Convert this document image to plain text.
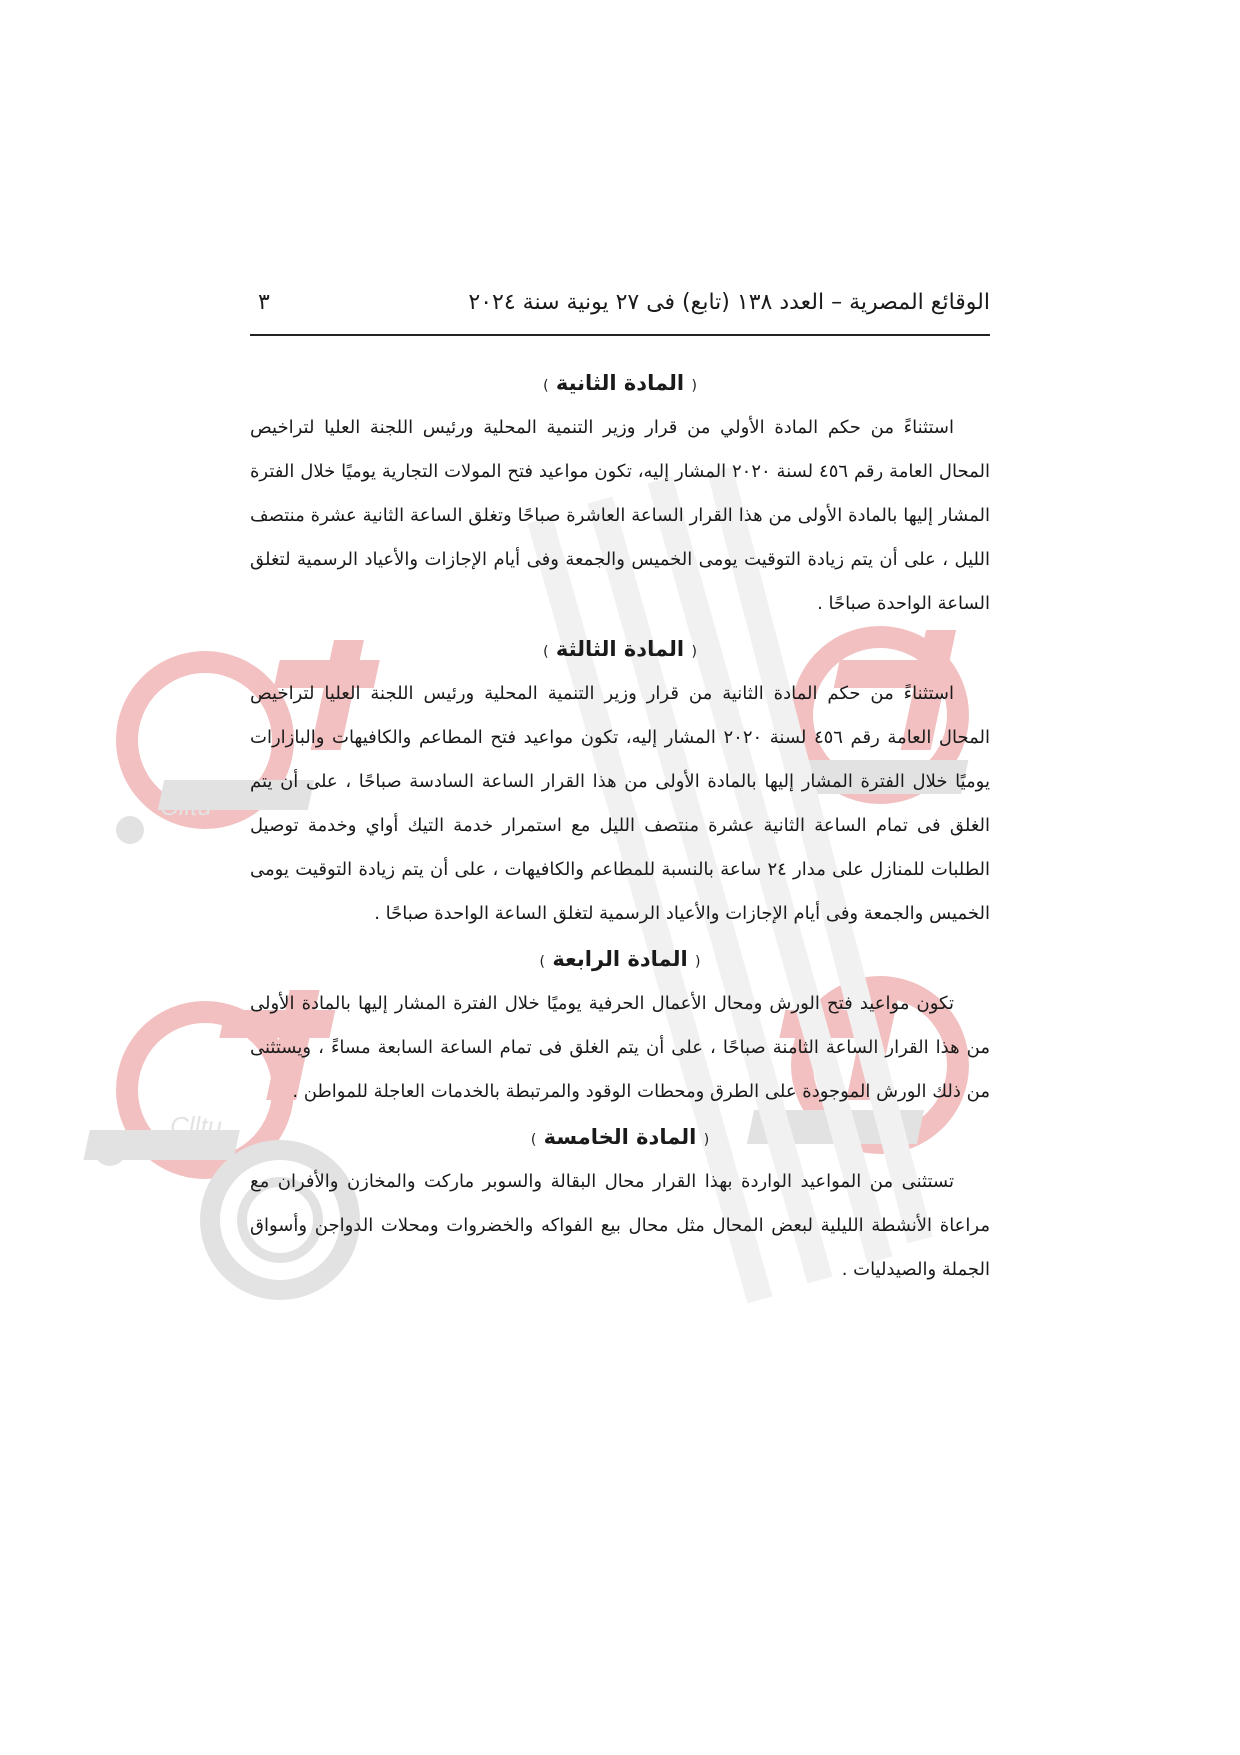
Clltu
Clltu
الوقائع المصرية – العدد ١٣٨ (تابع) فى ٢٧ يونية سنة ٢٠٢٤
٣
( المادة الثانية )

استثناءً من حكم المادة الأولي من قرار وزير التنمية المحلية ورئيس اللجنة العليا لتراخيص المحال العامة رقم ٤٥٦ لسنة ٢٠٢٠ المشار إليه، تكون مواعيد فتح المولات التجارية يوميًا خلال الفترة المشار إليها بالمادة الأولى من هذا القرار الساعة العاشرة صباحًا وتغلق الساعة الثانية عشرة منتصف الليل ، على أن يتم زيادة التوقيت يومى الخميس والجمعة وفى أيام الإجازات والأعياد الرسمية لتغلق الساعة الواحدة صباحًا .

( المادة الثالثة )

استثناءً من حكم المادة الثانية من قرار وزير التنمية المحلية ورئيس اللجنة العليا لتراخيص المحال العامة رقم ٤٥٦ لسنة ٢٠٢٠ المشار إليه، تكون مواعيد فتح المطاعم والكافيهات والبازارات يوميًا خلال الفترة المشار إليها بالمادة الأولى من هذا القرار الساعة السادسة صباحًا ، على أن يتم الغلق فى تمام الساعة الثانية عشرة منتصف الليل مع استمرار خدمة التيك أواي وخدمة توصيل الطلبات للمنازل على مدار ٢٤ ساعة بالنسبة للمطاعم والكافيهات ، على أن يتم زيادة التوقيت يومى الخميس والجمعة وفى أيام الإجازات والأعياد الرسمية لتغلق الساعة الواحدة صباحًا .

( المادة الرابعة )

تكون مواعيد فتح الورش ومحال الأعمال الحرفية يوميًا خلال الفترة المشار إليها بالمادة الأولى من هذا القرار الساعة الثامنة صباحًا ، على أن يتم الغلق فى تمام الساعة السابعة مساءً ، ويستثنى من ذلك الورش الموجودة على الطرق ومحطات الوقود والمرتبطة بالخدمات العاجلة للمواطن .

( المادة الخامسة )

تستثنى من المواعيد الواردة بهذا القرار محال البقالة والسوبر ماركت والمخازن والأفران مع مراعاة الأنشطة الليلية لبعض المحال مثل محال بيع الفواكه والخضروات ومحلات الدواجن وأسواق الجملة والصيدليات .
